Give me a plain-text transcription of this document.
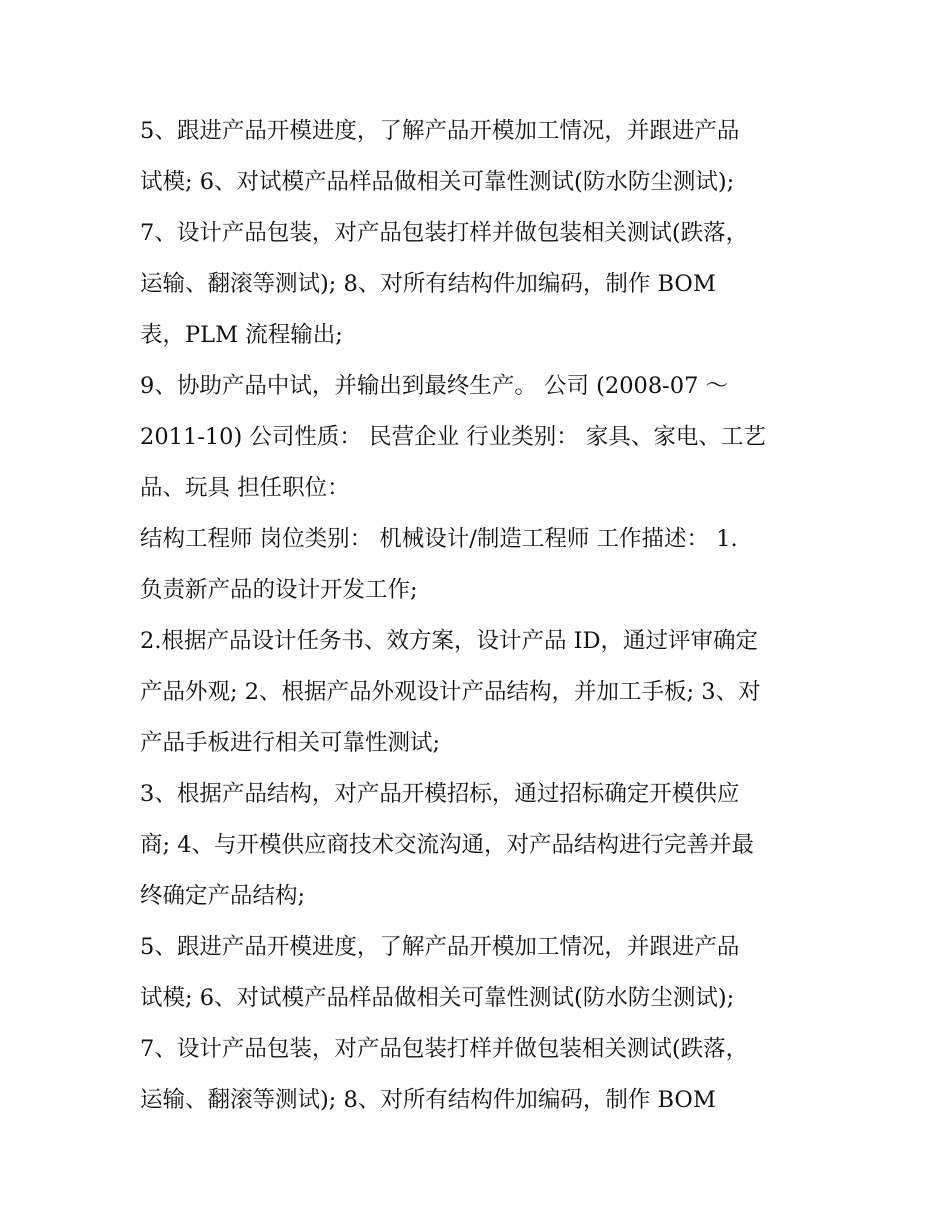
5、跟进产品开模进度，了解产品开模加工情况，并跟进产品
试模; 6、对试模产品样品做相关可靠性测试(防水防尘测试);
7、设计产品包装，对产品包装打样并做包装相关测试(跌落，
运输、翻滚等测试); 8、对所有结构件加编码，制作 BOM
表，PLM 流程输出;
9、协助产品中试，并输出到最终生产。 公司 (2008-07 ～
2011-10) 公司性质： 民营企业 行业类别： 家具、家电、工艺
品、玩具 担任职位：
结构工程师 岗位类别： 机械设计/制造工程师 工作描述： 1.
负责新产品的设计开发工作;
2.根据产品设计任务书、效方案，设计产品 ID，通过评审确定
产品外观; 2、根据产品外观设计产品结构，并加工手板; 3、对
产品手板进行相关可靠性测试;
3、根据产品结构，对产品开模招标，通过招标确定开模供应
商; 4、与开模供应商技术交流沟通，对产品结构进行完善并最
终确定产品结构;
5、跟进产品开模进度，了解产品开模加工情况，并跟进产品
试模; 6、对试模产品样品做相关可靠性测试(防水防尘测试);
7、设计产品包装，对产品包装打样并做包装相关测试(跌落，
运输、翻滚等测试); 8、对所有结构件加编码，制作 BOM
